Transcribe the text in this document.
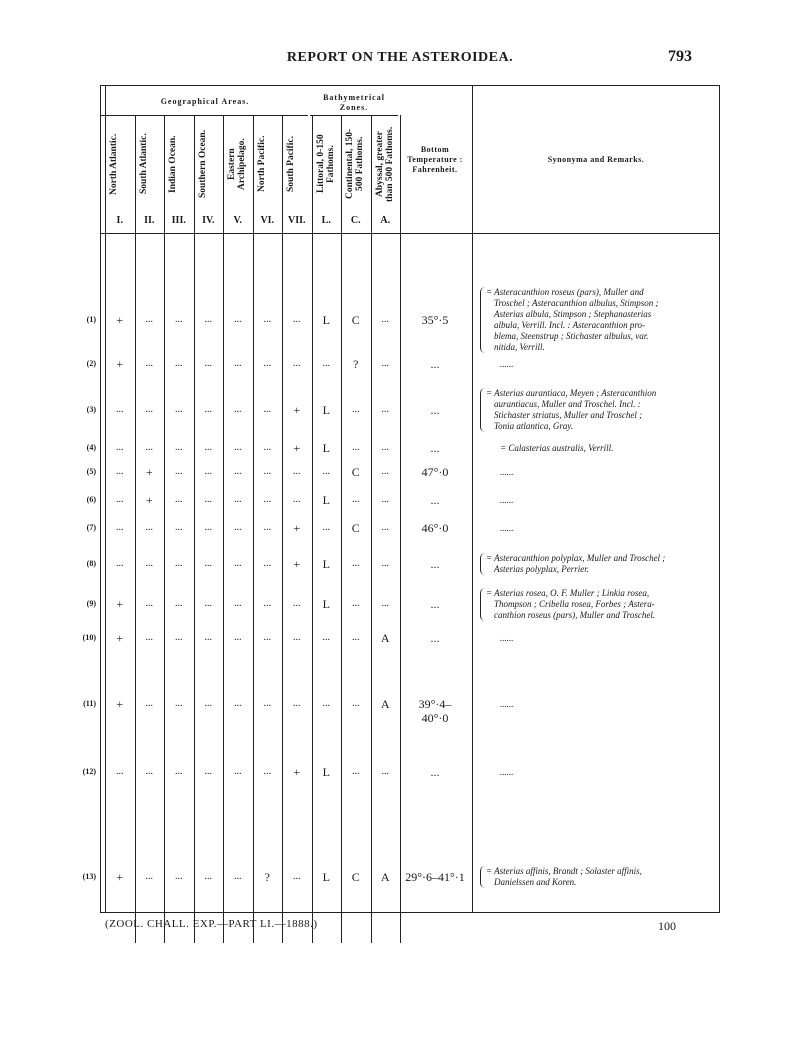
REPORT ON THE ASTEROIDEA.	793
Geographical Areas.	Bathymetrical Zones.
Bottom Temperature : Fahrenheit.
Synonyma and Remarks.
North Atlantic.
I.
South Atlantic.
II.
Indian Ocean.
III.
Southern Ocean.
IV.
Eastern Archipelago.
V.
North Pacific.
VI.
South Pacific.
VII.
Littoral, 0-150 Fathoms.
L.
Continental, 150-500 Fathoms.
C.
Abyssal, greater than 500 Fathoms.
A.
(1)	+	...	...	...	...	...	...	L	C	...	35°·5
= Asteracanthion roseus (pars), Muller and
Troschel ; Asteracanthion albulus, Stimpson ;
Asterias albula, Stimpson ; Stephanasterias
albula, Verrill. Incl. : Asteracanthion pro-
blema, Steenstrup ; Stichaster albulus, var.
nitida, Verrill.
(2)	+	...	...	...	...	...	...	...	?	...	...	......
(3)	...	...	...	...	...	...	+	L	...	...	...
= Asterias aurantiaca, Meyen ; Asteracanthion
aurantiacus, Muller and Troschel. Incl. :
Stichaster striatus, Muller and Troschel ;
Tonia atlantica, Gray.
(4)	...	...	...	...	...	...	+	L	...	...	...	= Calasterias australis, Verrill.
(5)	...	+	...	...	...	...	...	...	C	...	47°·0	......
(6)	...	+	...	...	...	...	...	L	...	...	...	......
(7)	...	...	...	...	...	...	+	...	C	...	46°·0	......
(8)	...	...	...	...	...	...	+	L	...	...	...	= Asteracanthion polyplax, Muller and Troschel ;
Asterias polyplax, Perrier.
(9)	+	...	...	...	...	...	...	L	...	...	...
= Asterias rosea, O. F. Muller ; Linkia rosea,
Thompson ; Cribella rosea, Forbes ; Astera-
canthion roseus (pars), Muller and Troschel.
(10)	+	...	...	...	...	...	...	...	...	A	...	......
(11)	+	...	...	...	...	...	...	...	...	A	39°·4– 40°·0
......
(12)	...	...	...	...	...	...	+	L	...	...	...	......
(13)	+	...	...	...	...	?	...	L	C	A	29°·6–41°·1	= Asterias affinis, Brandt ; Solaster affinis,
Danielssen and Koren.
(ZOOL. CHALL. EXP.—PART LI.—1888.)	100
